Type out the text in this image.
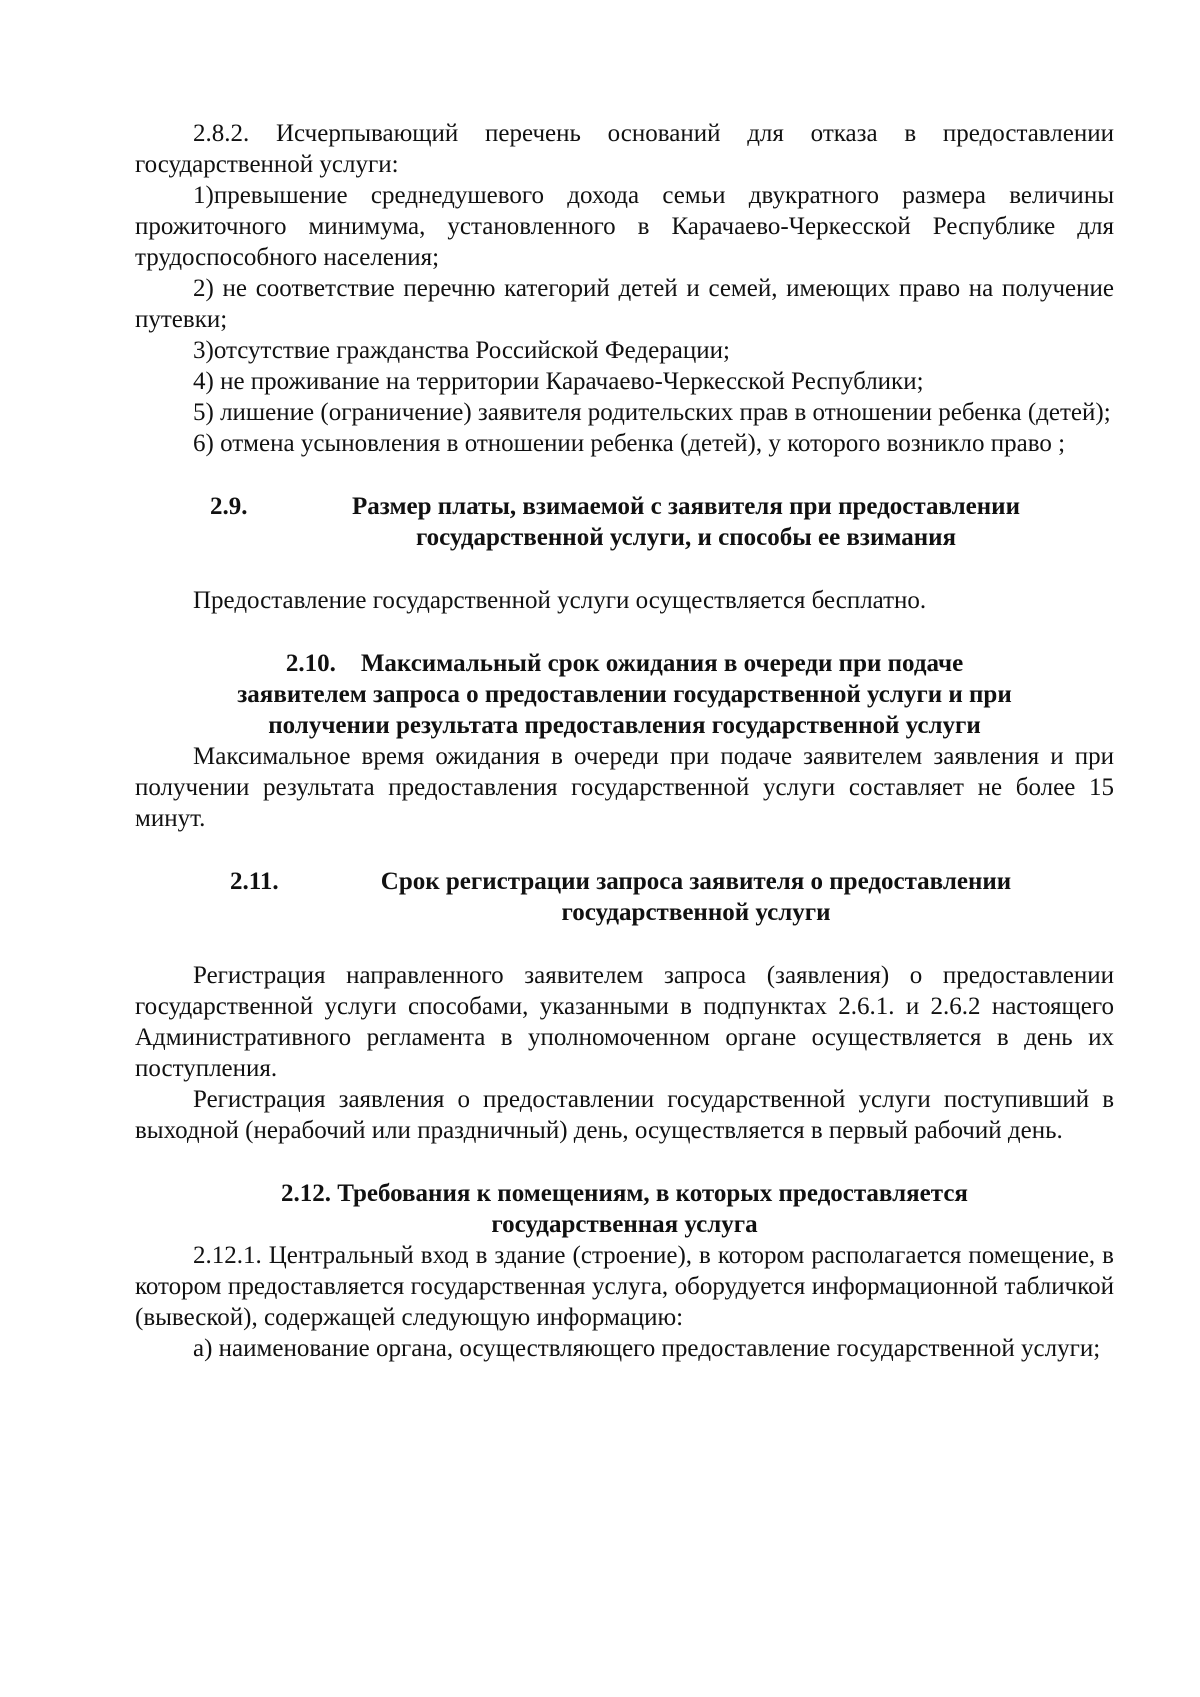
2.8.2. Исчерпывающий перечень оснований для отказа в предоставлении государственной услуги:

1)превышение среднедушевого дохода семьи двукратного размера величины прожиточного минимума, установленного в Карачаево-Черкесской Республике для трудоспособного населения;

2) не соответствие перечню категорий детей и семей, имеющих право на получение путевки;

3)отсутствие гражданства Российской Федерации;

4) не проживание на территории Карачаево-Черкесской Республики;

5) лишение (ограничение) заявителя родительских прав в отношении ребенка (детей);

6) отмена усыновления в отношении ребенка (детей), у которого возникло право ;

2.9.	Размер платы, взимаемой с заявителя при предоставлении государственной услуги, и способы ее взимания

Предоставление государственной услуги осуществляется бесплатно.

2.10.    Максимальный срок ожидания в очереди при подаче
заявителем запроса о предоставлении государственной услуги и при
получении результата предоставления государственной услуги

Максимальное время ожидания в очереди при подаче заявителем заявления и при получении результата предоставления государственной услуги составляет не более 15 минут.

2.11.	Срок регистрации запроса заявителя о предоставлении государственной услуги

Регистрация направленного заявителем запроса (заявления) о предоставлении государственной услуги способами, указанными в подпунктах 2.6.1. и 2.6.2 настоящего Административного регламента в уполномоченном органе осуществляется в день их поступления.

Регистрация заявления о предоставлении государственной услуги поступивший в выходной (нерабочий или праздничный) день, осуществляется в первый рабочий день.

2.12. Требования к помещениям, в которых предоставляется
государственная услуга

2.12.1. Центральный вход в здание (строение), в котором располагается помещение, в котором предоставляется государственная услуга, оборудуется информационной табличкой (вывеской), содержащей следующую информацию:

а) наименование органа, осуществляющего предоставление государственной услуги;
